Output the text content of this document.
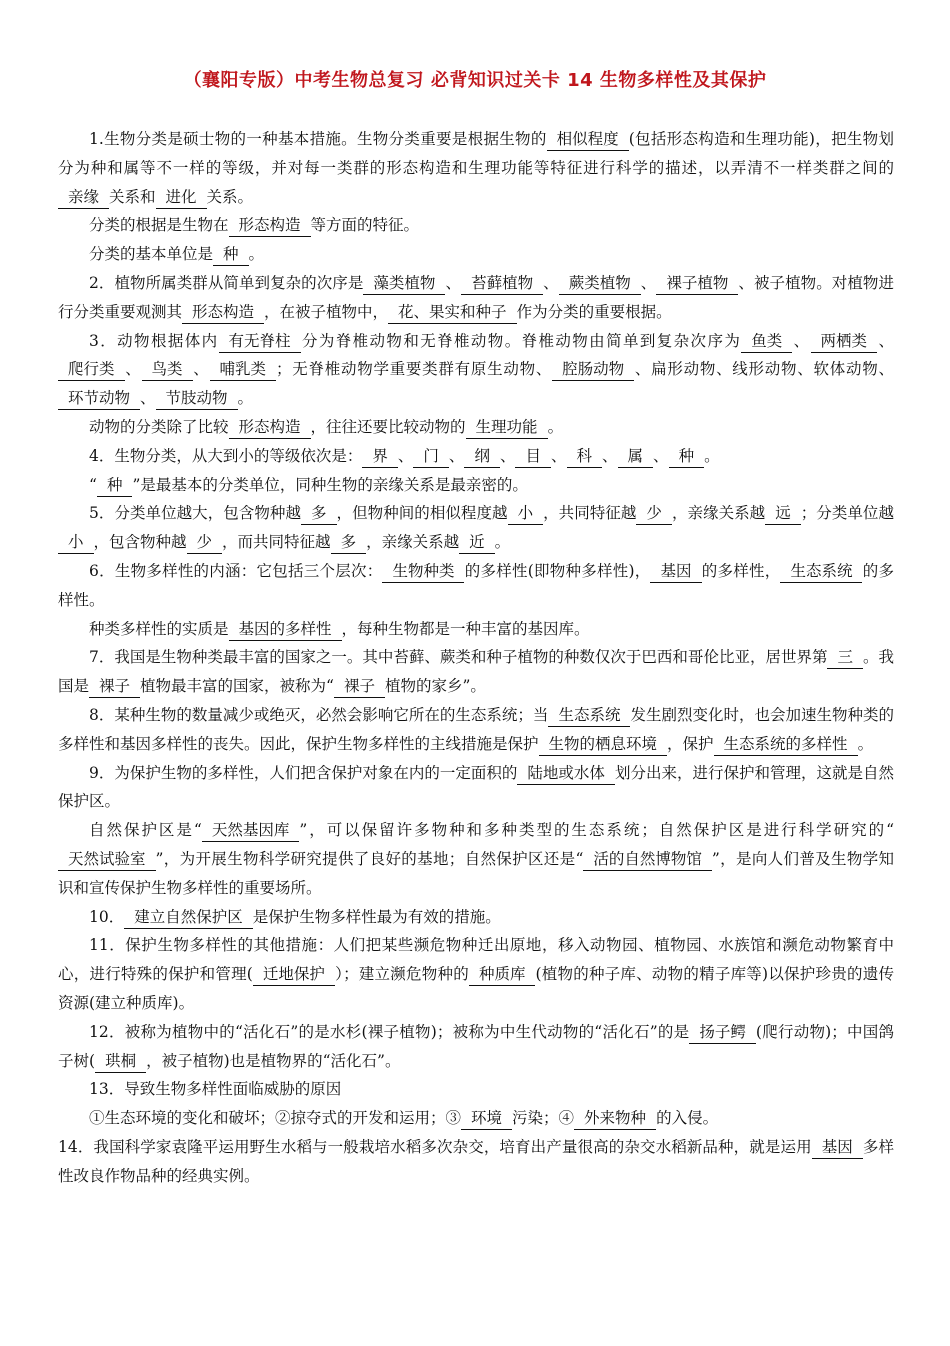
（襄阳专版）中考生物总复习 必背知识过关卡 14 生物多样性及其保护

1.生物分类是硕士物的一种基本措施。生物分类重要是根据生物的 相似程度 (包括形态构造和生理功能)，把生物划分为种和属等不一样的等级，并对每一类群的形态构造和生理功能等特征进行科学的描述，以弄清不一样类群之间的亲缘 关系和 进化 关系。

分类的根据是生物在 形态构造 等方面的特征。

分类的基本单位是 种 。

2．植物所属类群从简单到复杂的次序是 藻类植物 、 苔藓植物 、 蕨类植物 、 裸子植物 、被子植物。对植物进行分类重要观测其 形态构造 ，在被子植物中， 花、果实和种子 作为分类的重要根据。

3．动物根据体内 有无脊柱 分为脊椎动物和无脊椎动物。脊椎动物由简单到复杂次序为 鱼类 、 两栖类 、爬行类 、 鸟类 、 哺乳类 ；无脊椎动物学重要类群有原生动物、 腔肠动物 、扁形动物、线形动物、软体动物、环节动物 、 节肢动物 。

动物的分类除了比较 形态构造 ，往往还要比较动物的 生理功能 。

4．生物分类，从大到小的等级依次是： 界 、 门 、 纲 、 目 、 科 、 属 、 种 。

“ 种 ”是最基本的分类单位，同种生物的亲缘关系是最亲密的。

5．分类单位越大，包含物种越 多 ，但物种间的相似程度越 小 ，共同特征越 少 ，亲缘关系越 远 ；分类单位越小 ，包含物种越 少 ，而共同特征越 多 ，亲缘关系越 近 。

6．生物多样性的内涵：它包括三个层次： 生物种类 的多样性(即物种多样性)， 基因 的多样性， 生态系统 的多样性。

种类多样性的实质是 基因的多样性 ，每种生物都是一种丰富的基因库。

7．我国是生物种类最丰富的国家之一。其中苔藓、蕨类和种子植物的种数仅次于巴西和哥伦比亚，居世界第 三 。我国是 裸子 植物最丰富的国家，被称为“ 裸子 植物的家乡”。

8．某种生物的数量减少或绝灭，必然会影响它所在的生态系统；当 生态系统 发生剧烈变化时，也会加速生物种类的多样性和基因多样性的丧失。因此，保护生物多样性的主线措施是保护 生物的栖息环境 ，保护 生态系统的多样性 。

9．为保护生物的多样性，人们把含保护对象在内的一定面积的 陆地或水体 划分出来，进行保护和管理，这就是自然保护区。

自然保护区是“ 天然基因库 ”，可以保留许多物种和多种类型的生态系统；自然保护区是进行科学研究的“天然试验室 ”，为开展生物科学研究提供了良好的基地；自然保护区还是“ 活的自然博物馆 ”，是向人们普及生物学知识和宣传保护生物多样性的重要场所。

10． 建立自然保护区 是保护生物多样性最为有效的措施。

11．保护生物多样性的其他措施：人们把某些濒危物种迁出原地，移入动物园、植物园、水族馆和濒危动物繁育中心，进行特殊的保护和管理( 迁地保护 ）；建立濒危物种的 种质库 (植物的种子库、动物的精子库等)以保护珍贵的遗传资源(建立种质库)。

12．被称为植物中的“活化石”的是水杉(裸子植物)；被称为中生代动物的“活化石”的是 扬子鳄 (爬行动物)；中国鸽子树( 珙桐 ，被子植物)也是植物界的“活化石”。

13．导致生物多样性面临威胁的原因

①生态环境的变化和破坏；②掠夺式的开发和运用；③ 环境 污染；④ 外来物种 的入侵。

14．我国科学家袁隆平运用野生水稻与一般栽培水稻多次杂交，培育出产量很高的杂交水稻新品种，就是运用 基因 多样性改良作物品种的经典实例。
